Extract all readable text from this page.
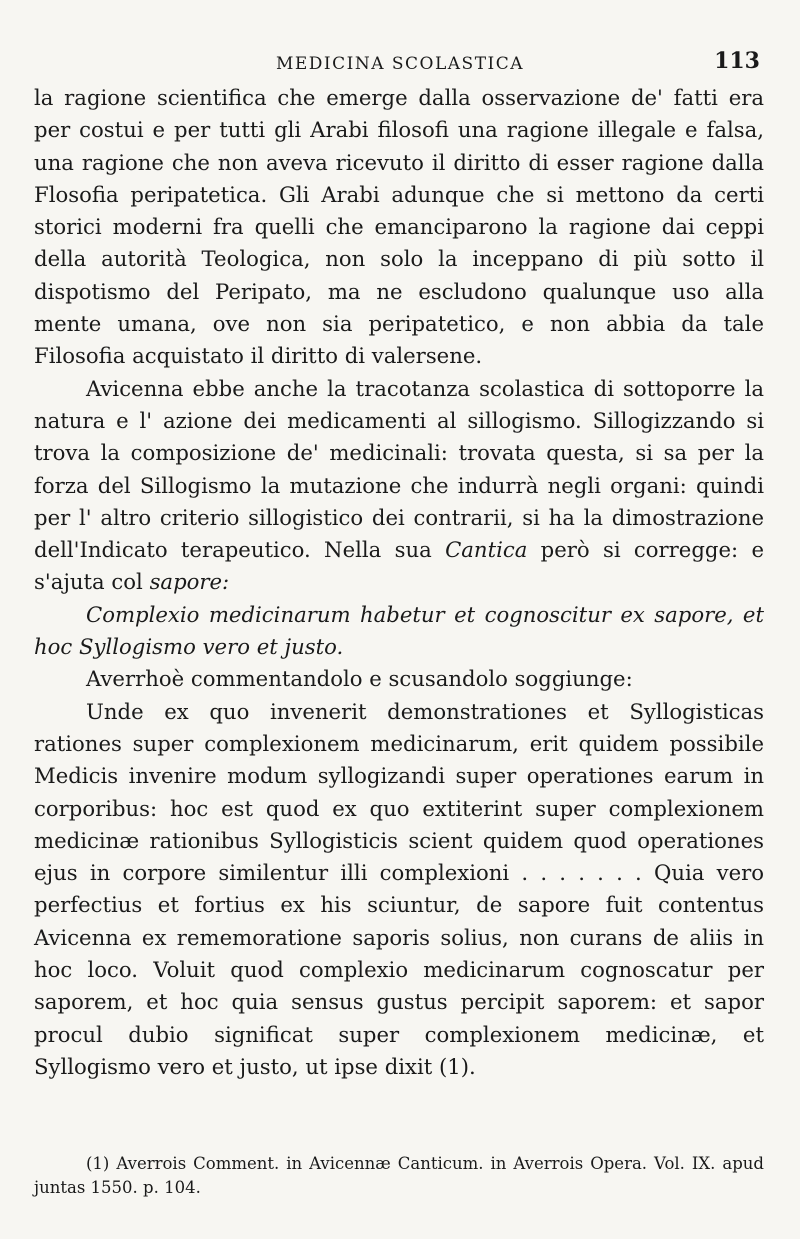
MEDICINA SCOLASTICA	113

la ragione scientifica che emerge dalla osservazione de' fatti era per costui e per tutti gli Arabi filosofi una ragione illegale e falsa, una ragione che non aveva ricevuto il diritto di esser ragione dalla Flosofia peripatetica. Gli Arabi adunque che si mettono da certi storici moderni fra quelli che emanciparono la ragione dai ceppi della autorità Teologica, non solo la inceppano di più sotto il dispotismo del Peripato, ma ne escludono qualunque uso alla mente umana, ove non sia peripatetico, e non abbia da tale Filosofia acquistato il diritto di valersene.

Avicenna ebbe anche la tracotanza scolastica di sottoporre la natura e l' azione dei medicamenti al sillogismo. Sillogizzando si trova la composizione de' medicinali: trovata questa, si sa per la forza del Sillogismo la mutazione che indurrà negli organi: quindi per l' altro criterio sillogistico dei contrarii, si ha la dimostrazione dell'Indicato terapeutico. Nella sua Cantica però si corregge: e s'ajuta col sapore:

Complexio medicinarum habetur et cognoscitur ex sapore, et hoc Syllogismo vero et justo.

Averrhoè commentandolo e scusandolo soggiunge:

Unde ex quo invenerit demonstrationes et Syllogisticas rationes super complexionem medicinarum, erit quidem possibile Medicis invenire modum syllogizandi super operationes earum in corporibus: hoc est quod ex quo extiterint super complexionem medicinæ rationibus Syllogisticis scient quidem quod operationes ejus in corpore similentur illi complexioni . . . . . . . Quia vero perfectius et fortius ex his sciuntur, de sapore fuit contentus Avicenna ex rememoratione saporis solius, non curans de aliis in hoc loco. Voluit quod complexio medicinarum cognoscatur per saporem, et hoc quia sensus gustus percipit saporem: et sapor procul dubio significat super complexionem medicinæ, et Syllogismo vero et justo, ut ipse dixit (1).

(1) Averrois Comment. in Avicennæ Canticum. in Averrois Opera. Vol. IX. apud juntas 1550. p. 104.
